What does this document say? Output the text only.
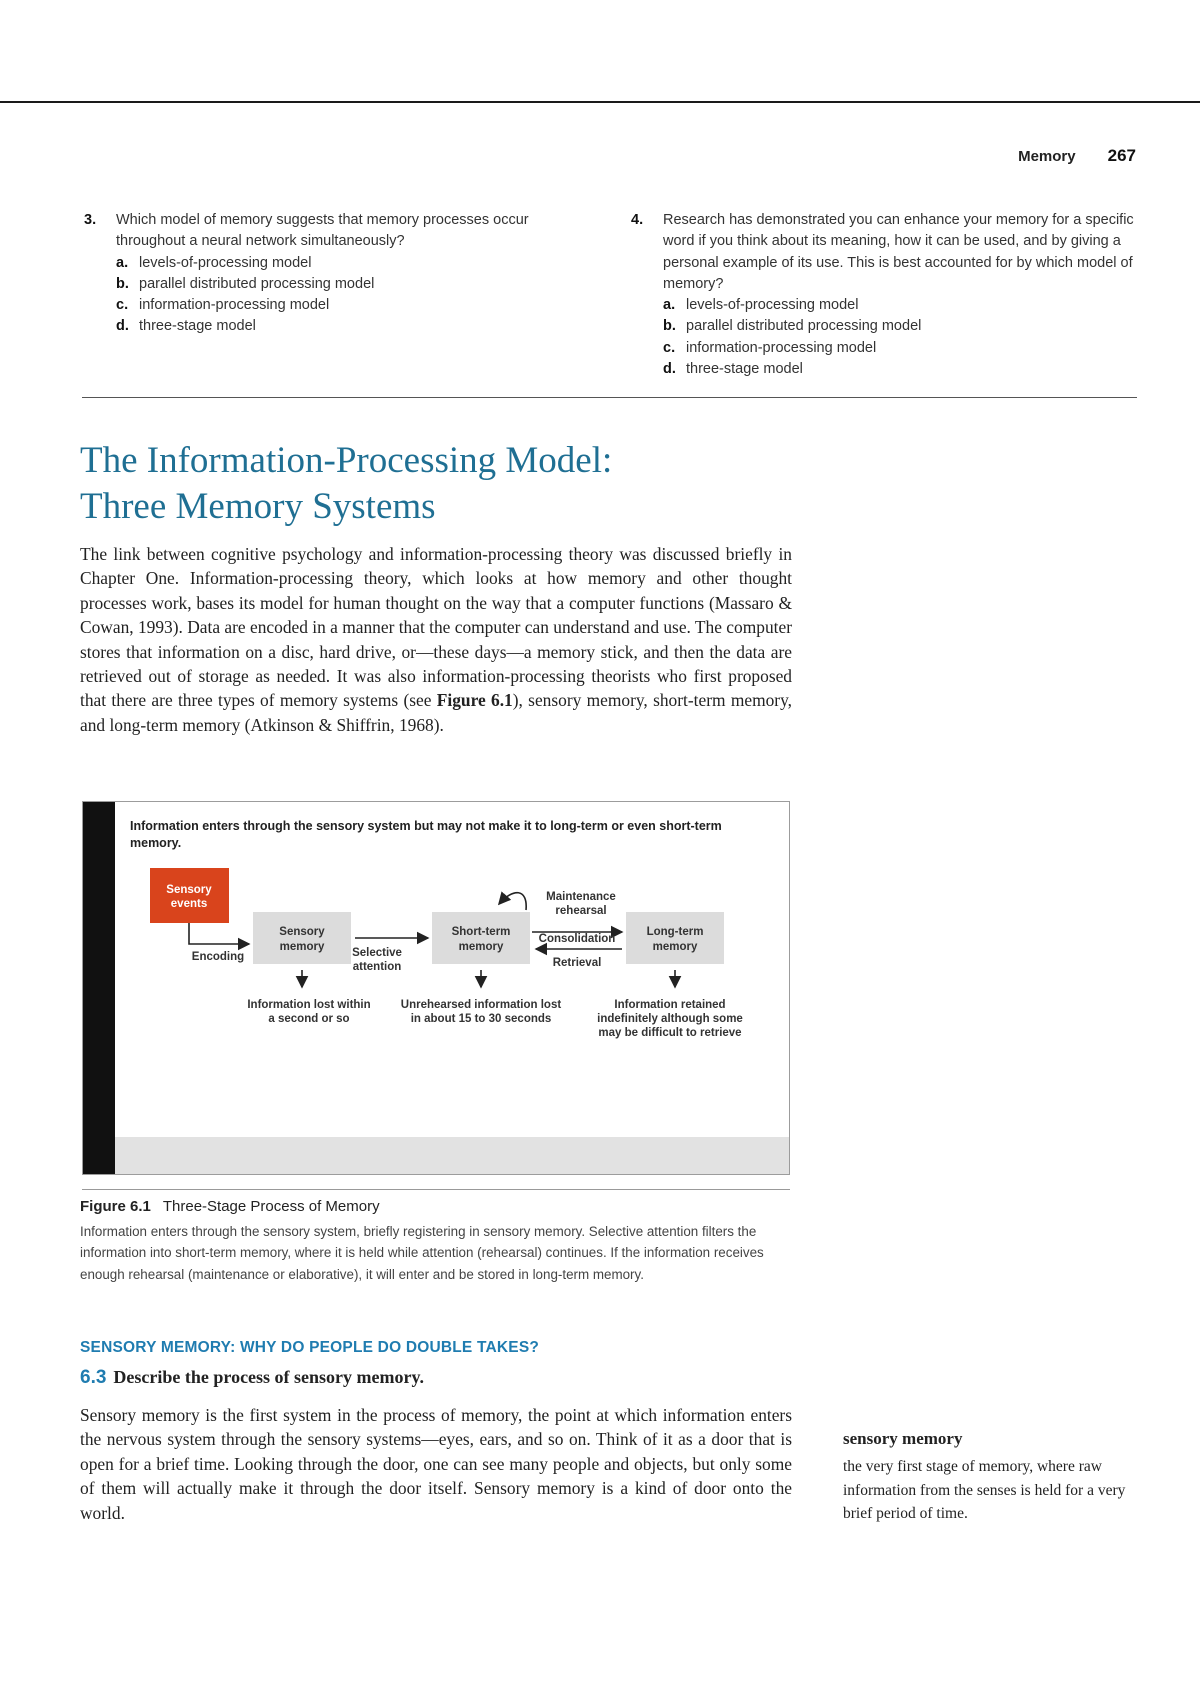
Memory 267
3.	Which model of memory suggests that memory processes occur throughout a neural network simultaneously?
a. levels-of-processing model
b. parallel distributed processing model
c. information-processing model
d. three-stage model
4.	Research has demonstrated you can enhance your memory for a specific word if you think about its meaning, how it can be used, and by giving a personal example of its use. This is best accounted for by which model of memory?
a. levels-of-processing model
b. parallel distributed processing model
c. information-processing model
d. three-stage model
The Information-Processing Model:
Three Memory Systems

The link between cognitive psychology and information-processing theory was discussed briefly in Chapter One. Information-processing theory, which looks at how memory and other thought processes work, bases its model for human thought on the way that a computer functions (Massaro & Cowan, 1993). Data are encoded in a manner that the computer can understand and use. The computer stores that information on a disc, hard drive, or—these days—a memory stick, and then the data are retrieved out of storage as needed. It was also information-processing theorists who first proposed that there are three types of memory systems (see Figure 6.1), sensory memory, short-term memory, and long-term memory (Atkinson & Shiffrin, 1968).

Information enters through the sensory system but may not make it to long-term or even short-term memory.
Sensory
events
Sensory
memory
Short-term
memory
Long-term
memory
Encoding	Selective
attention
Consolidation
Retrieval
Maintenance
rehearsal
Information lost within
a second or so
Unrehearsed information lost
in about 15 to 30 seconds
Information retained
indefinitely although some
may be difficult to retrieve
Figure 6.1 Three-Stage Process of Memory
Information enters through the sensory system, briefly registering in sensory memory. Selective attention filters the information into short-term memory, where it is held while attention (rehearsal) continues. If the information receives enough rehearsal (maintenance or elaborative), it will enter and be stored in long-term memory.
SENSORY MEMORY: WHY DO PEOPLE DO DOUBLE TAKES?
6.3 Describe the process of sensory memory.

Sensory memory is the first system in the process of memory, the point at which information enters the nervous system through the sensory systems—eyes, ears, and so on. Think of it as a door that is open for a brief time. Looking through the door, one can see many people and objects, but only some of them will actually make it through the door itself. Sensory memory is a kind of door onto the world.

sensory memory
the very first stage of memory, where raw information from the senses is held for a very brief period of time.
